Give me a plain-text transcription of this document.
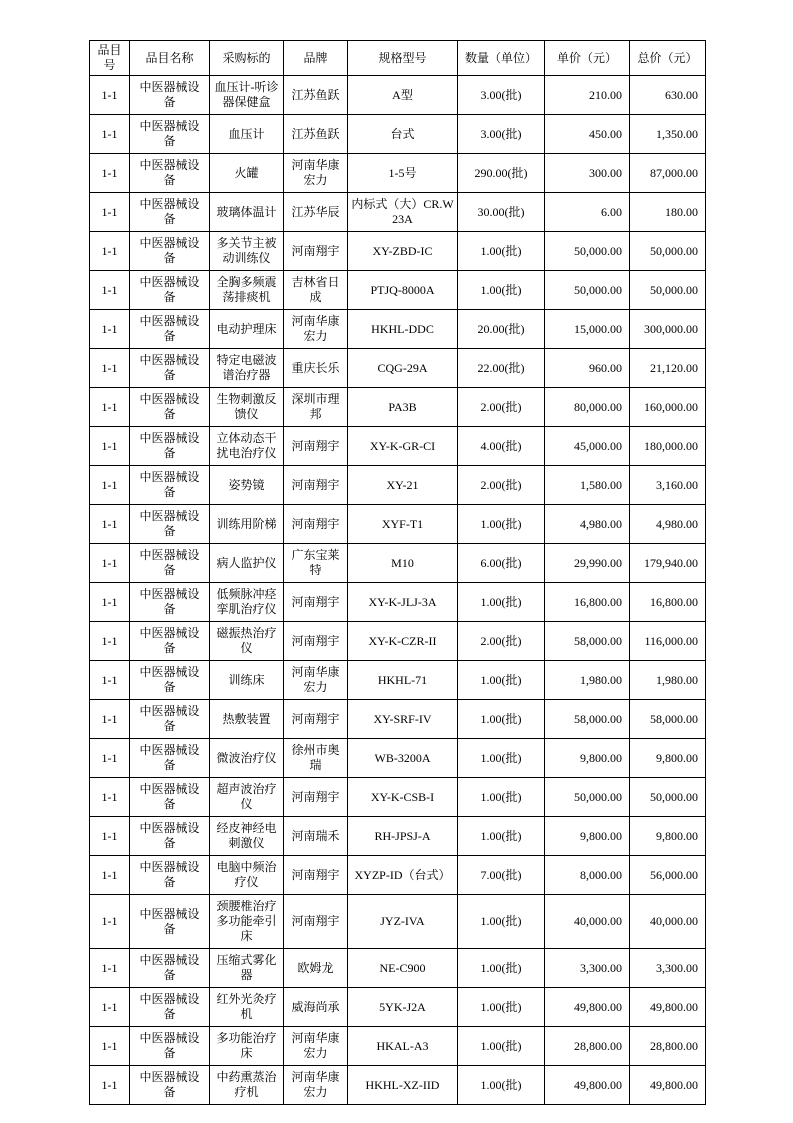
品目号	品目名称	采购标的	品牌	规格型号	数量（单位）	单价（元）	总价（元）
1-1	中医器械设备	血压计-听诊器保健盒	江苏鱼跃	A型	3.00(批)	210.00	630.00
1-1	中医器械设备	血压计	江苏鱼跃	台式	3.00(批)	450.00	1,350.00
1-1	中医器械设备	火罐	河南华康宏力	1-5号	290.00(批)	300.00	87,000.00
1-1	中医器械设备	玻璃体温计	江苏华辰	内标式（大）CR.W23A	30.00(批)	6.00	180.00
1-1	中医器械设备	多关节主被动训练仪	河南翔宇	XY-ZBD-IC	1.00(批)	50,000.00	50,000.00
1-1	中医器械设备	全胸多频震荡排痰机	吉林省日成	PTJQ-8000A	1.00(批)	50,000.00	50,000.00
1-1	中医器械设备	电动护理床	河南华康宏力	HKHL-DDC	20.00(批)	15,000.00	300,000.00
1-1	中医器械设备	特定电磁波谱治疗器	重庆长乐	CQG-29A	22.00(批)	960.00	21,120.00
1-1	中医器械设备	生物刺激反馈仪	深圳市理邦	PA3B	2.00(批)	80,000.00	160,000.00
1-1	中医器械设备	立体动态干扰电治疗仪	河南翔宇	XY-K-GR-CI	4.00(批)	45,000.00	180,000.00
1-1	中医器械设备	姿势镜	河南翔宇	XY-21	2.00(批)	1,580.00	3,160.00
1-1	中医器械设备	训练用阶梯	河南翔宇	XYF-T1	1.00(批)	4,980.00	4,980.00
1-1	中医器械设备	病人监护仪	广东宝莱特	M10	6.00(批)	29,990.00	179,940.00
1-1	中医器械设备	低频脉冲痉挛肌治疗仪	河南翔宇	XY-K-JLJ-3A	1.00(批)	16,800.00	16,800.00
1-1	中医器械设备	磁振热治疗仪	河南翔宇	XY-K-CZR-II	2.00(批)	58,000.00	116,000.00
1-1	中医器械设备	训练床	河南华康宏力	HKHL-71	1.00(批)	1,980.00	1,980.00
1-1	中医器械设备	热敷装置	河南翔宇	XY-SRF-IV	1.00(批)	58,000.00	58,000.00
1-1	中医器械设备	微波治疗仪	徐州市奥瑞	WB-3200A	1.00(批)	9,800.00	9,800.00
1-1	中医器械设备	超声波治疗仪	河南翔宇	XY-K-CSB-I	1.00(批)	50,000.00	50,000.00
1-1	中医器械设备	经皮神经电刺激仪	河南瑞禾	RH-JPSJ-A	1.00(批)	9,800.00	9,800.00
1-1	中医器械设备	电脑中频治疗仪	河南翔宇	XYZP-ID（台式）	7.00(批)	8,000.00	56,000.00
1-1	中医器械设备	颈腰椎治疗多功能牵引床	河南翔宇	JYZ-IVA	1.00(批)	40,000.00	40,000.00
1-1	中医器械设备	压缩式雾化器	欧姆龙	NE-C900	1.00(批)	3,300.00	3,300.00
1-1	中医器械设备	红外光灸疗机	威海尚承	5YK-J2A	1.00(批)	49,800.00	49,800.00
1-1	中医器械设备	多功能治疗床	河南华康宏力	HKAL-A3	1.00(批)	28,800.00	28,800.00
1-1	中医器械设备	中药熏蒸治疗机	河南华康宏力	HKHL-XZ-IID	1.00(批)	49,800.00	49,800.00
